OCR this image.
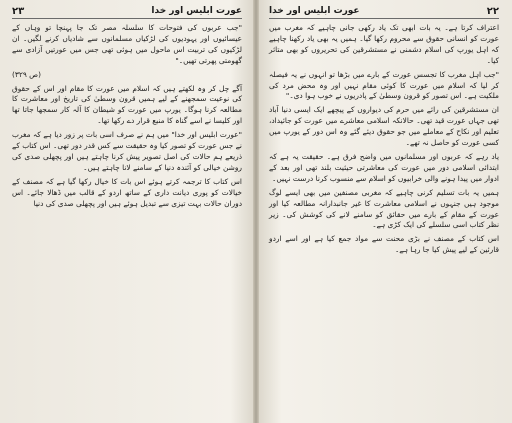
عورت ابلیس اور خدا
۲۳

"جب عربوں کی فتوحات کا سلسلہ مصر تک جا پہنچا تو وہاں کے عیسائیوں اور یہودیوں کی لڑکیاں مسلمانوں سے شادیاں کرنے لگیں۔ ان لڑکیوں کی تربیت اس ماحول میں ہوئی تھی جس میں عورتیں آزادی سے گھومتی پھرتی تھیں۔"

(ص ۳۲۹)

آگے چل کر وہ لکھتے ہیں کہ اسلام میں عورت کا مقام اور اس کے حقوق کی نوعیت سمجھنے کے لیے ہمیں قرون وسطیٰ کی تاریخ اور معاشرت کا مطالعہ کرنا ہوگا۔ یورپ میں عورت کو شیطان کا آلہ کار سمجھا جاتا تھا اور کلیسا نے اسے گناہ کا منبع قرار دے رکھا تھا۔

"عورت ابلیس اور خدا" میں ہم نے صرف اسی بات پر زور دیا ہے کہ مغرب نے جس عورت کو تصور کیا وہ حقیقت سے کس قدر دور تھی۔ اس کتاب کے ذریعے ہم حالات کی اصل تصویر پیش کرنا چاہتے ہیں اور پچھلی صدی کی روشن خیالی کو آئندہ دنیا کے سامنے لانا چاہتے ہیں۔

اس کتاب کا ترجمہ کرتے ہوئے اس بات کا خیال رکھا گیا ہے کہ مصنف کے خیالات کو پوری دیانت داری کے ساتھ اردو کے قالب میں ڈھالا جائے۔ اس دوران حالات بہت تیزی سے تبدیل ہوئے ہیں اور پچھلی صدی کی دنیا

۲۲
عورت ابلیس اور خدا

اعتراف کرتا ہے۔ یہ بات ابھی تک یاد رکھی جانی چاہیے کہ مغرب میں عورت کو انسانی حقوق سے محروم رکھا گیا۔ ہمیں یہ بھی یاد رکھنا چاہیے کہ اہل یورپ کی اسلام دشمنی نے مستشرقین کی تحریروں کو بھی متاثر کیا۔

"جب اہل مغرب کا تجسس عورت کے بارے میں بڑھا تو انہوں نے یہ فیصلہ کر لیا کہ اسلام میں عورت کا کوئی مقام نہیں اور وہ محض مرد کی ملکیت ہے۔ اس تصور کو قرون وسطیٰ کے پادریوں نے خوب ہوا دی۔"

ان مستشرقین کی رائے میں حرم کی دیواروں کے پیچھے ایک ایسی دنیا آباد تھی جہاں عورت قید تھی۔ حالانکہ اسلامی معاشرے میں عورت کو جائیداد، تعلیم اور نکاح کے معاملے میں جو حقوق دیئے گئے وہ اس دور کے یورپ میں کسی عورت کو حاصل نہ تھے۔

یاد رہے کہ عربوں اور مسلمانوں میں واضح فرق ہے۔ حقیقت یہ ہے کہ ابتدائی اسلامی دور میں عورت کی معاشرتی حیثیت بلند تھی اور بعد کے ادوار میں پیدا ہونے والی خرابیوں کو اسلام سے منسوب کرنا درست نہیں۔

ہمیں یہ بات تسلیم کرنی چاہیے کہ مغربی مصنفین میں بھی ایسے لوگ موجود ہیں جنہوں نے اسلامی معاشرت کا غیر جانبدارانہ مطالعہ کیا اور عورت کے مقام کے بارے میں حقائق کو سامنے لانے کی کوشش کی۔ زیر نظر کتاب اسی سلسلے کی ایک کڑی ہے۔

اس کتاب کے مصنف نے بڑی محنت سے مواد جمع کیا ہے اور اسے اردو قارئین کے لیے پیش کیا جا رہا ہے۔
